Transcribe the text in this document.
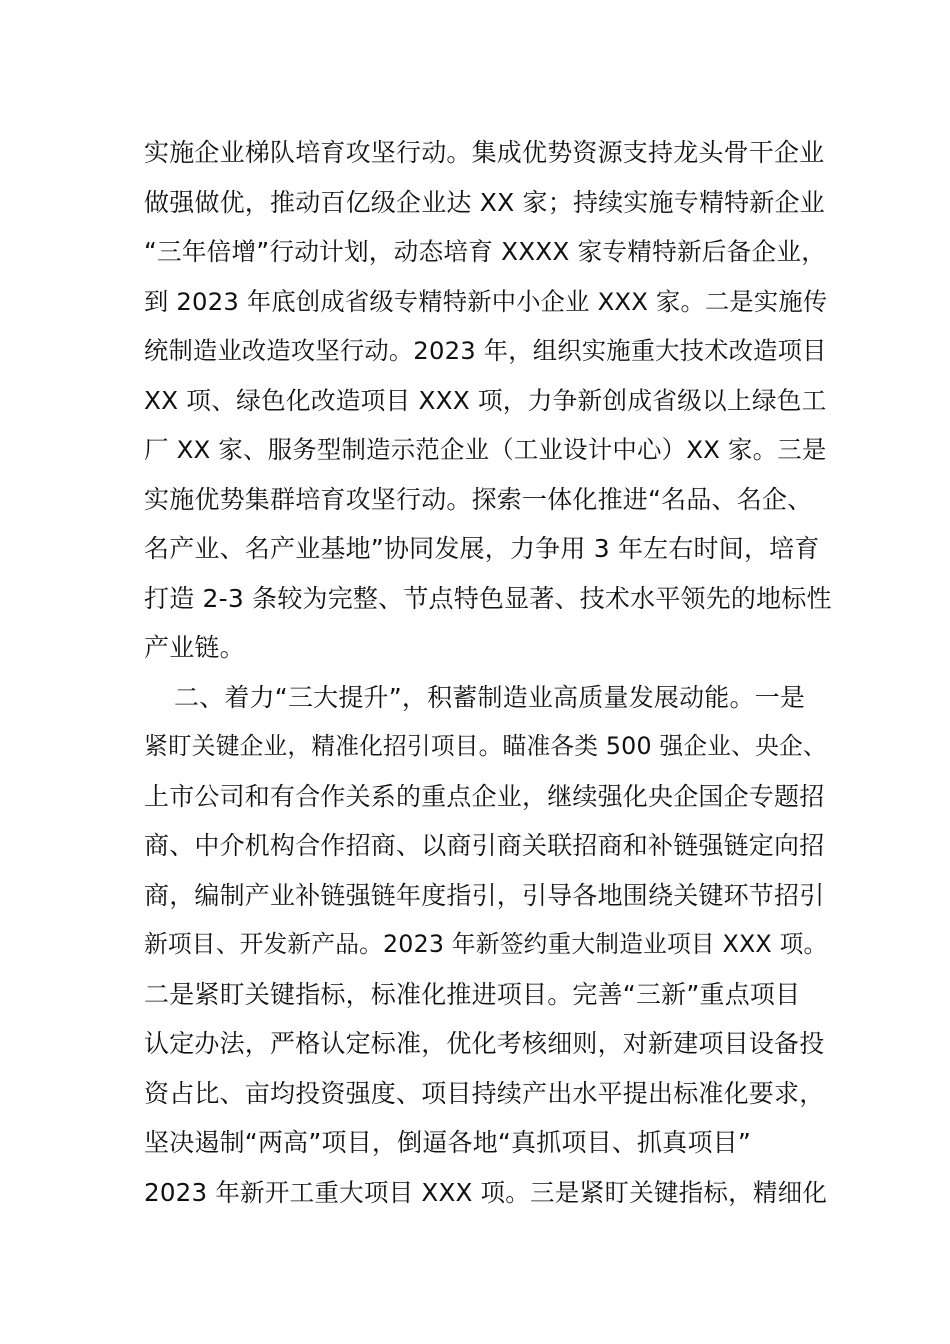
实施企业梯队培育攻坚行动。集成优势资源支持龙头骨干企业
做强做优，推动百亿级企业达 XX 家；持续实施专精特新企业
“三年倍增”行动计划，动态培育 XXXX 家专精特新后备企业，
到 2023 年底创成省级专精特新中小企业 XXX 家。二是实施传
统制造业改造攻坚行动。2023 年，组织实施重大技术改造项目
XX 项、绿色化改造项目 XXX 项，力争新创成省级以上绿色工
厂 XX 家、服务型制造示范企业（工业设计中心）XX 家。三是
实施优势集群培育攻坚行动。探索一体化推进“名品、名企、
名产业、名产业基地”协同发展，力争用 3 年左右时间，培育
打造 2-3 条较为完整、节点特色显著、技术水平领先的地标性
产业链。
二、着力“三大提升”，积蓄制造业高质量发展动能。一是
紧盯关键企业，精准化招引项目。瞄准各类 500 强企业、央企、
上市公司和有合作关系的重点企业，继续强化央企国企专题招
商、中介机构合作招商、以商引商关联招商和补链强链定向招
商，编制产业补链强链年度指引，引导各地围绕关键环节招引
新项目、开发新产品。2023 年新签约重大制造业项目 XXX 项。
二是紧盯关键指标，标准化推进项目。完善“三新”重点项目
认定办法，严格认定标准，优化考核细则，对新建项目设备投
资占比、亩均投资强度、项目持续产出水平提出标准化要求，
坚决遏制“两高”项目，倒逼各地“真抓项目、抓真项目”
2023 年新开工重大项目 XXX 项。三是紧盯关键指标，精细化
